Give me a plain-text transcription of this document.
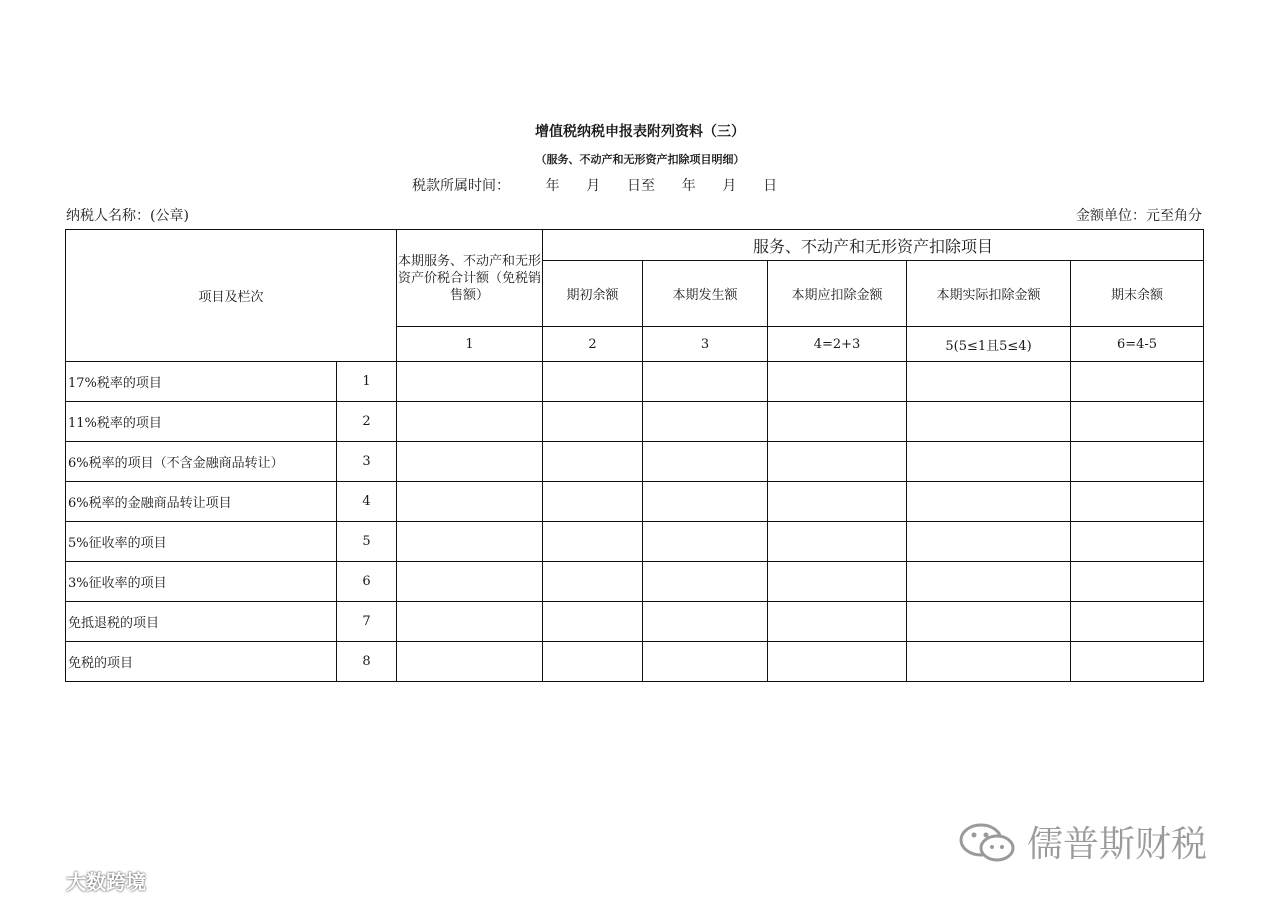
增值税纳税申报表附列资料（三）
（服务、不动产和无形资产扣除项目明细）
税款所属时间：        年      月      日至      年      月      日
纳税人名称：(公章)	金额单位：元至角分
项目及栏次		本期服务、不动产和无形资产价税合计额（免税销售额）	服务、不动产和无形资产扣除项目				
			期初余额	本期发生额	本期应扣除金额	本期实际扣除金额	期末余额
		1	2	3	4=2+3	5(5≤1且5≤4)	6=4-5
17%税率的项目	1						
11%税率的项目	2						
6%税率的项目（不含金融商品转让）	3						
6%税率的金融商品转让项目	4						
5%征收率的项目	5						
3%征收率的项目	6						
免抵退税的项目	7						
免税的项目	8						
儒普斯财税
大数跨境
